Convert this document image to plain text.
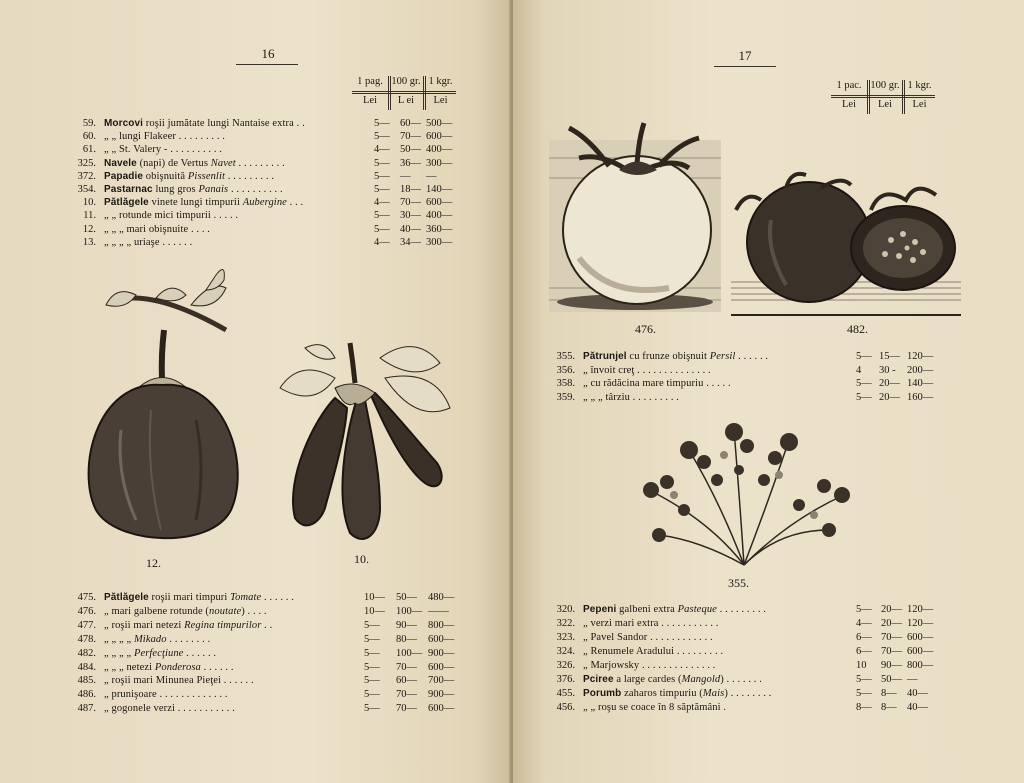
16
1 pag. 100 gr. 1 kgr.
Lei	L ei	Lei
59. Morcovi roşii jumătate lungi Nantaise extra . .	5— 60— 500—
60. „ „ lungi Flakeer . . . . . . . . .	5— 70— 600—
61. „ „ St. Valery - . . . . . . . . . .	4— 50— 400—
325. Navele (napi) de Vertus Navet . . . . . . . . .	5— 36— 300—
372. Papadie obişnuită Pissenlit . . . . . . . . .	5— — —
354. Pastarnac lung gros Panais . . . . . . . . . .	5— 18— 140—
10. Pătlăgele vinete lungi timpurii Aubergine . . .	4— 70— 600—
11. „ „ rotunde mici timpurii . . . . .	5— 30— 400—
12. „ „ „ mari obişnuite . . . .	5— 40— 360—
13. „ „ „ „ uriaşe . . . . . .	4— 34— 300—
12.	10.
475. Pătlăgele roşii mari timpuri Tomate . . . . . .	10— 50— 480—
476. „ mari galbene rotunde (noutate) . . . .	10— 100— ——
477. „ roşii mari netezi Regina timpurilor . .	5— 90— 800—
478. „ „ „ „ Mikado . . . . . . . .	5— 80— 600—
482. „ „ „ „ Perfecţiune . . . . . .	5— 100— 900—
484. „ „ „ netezi Ponderosa . . . . . .	5— 70— 600—
485. „ roşii mari Minunea Pieţei . . . . . .	5— 60— 700—
486. „ prunişoare . . . . . . . . . . . . .	5— 70— 900—
487. „ gogonele verzi . . . . . . . . . . .	5— 70— 600—
17
1 pac. 100 gr. 1 kgr.
Lei	Lei	Lei
476.	482.
355. Pătrunjel cu frunze obişnuit Persil . . . . . .	5— 15— 120—
356. „ învoit creţ . . . . . . . . . . . . . .	4 30 - 200—
358. „ cu rădăcina mare timpuriu . . . . .	5— 20— 140—
359. „ „ „ târziu . . . . . . . . .	5— 20— 160—
355.
320. Pepeni galbeni extra Pasteque . . . . . . . . .	5— 20— 120—
322. „ verzi mari extra . . . . . . . . . . .	4— 20— 120—
323. „ Pavel Sandor . . . . . . . . . . . .	6— 70— 600—
324. „ Renumele Aradului . . . . . . . . .	6— 70— 600—
326. „ Marjowsky . . . . . . . . . . . . . .	10 90— 800—
376. Pciree a large cardes (Mangold) . . . . . . .	5— 50— —
455. Porumb zaharos timpuriu (Mais) . . . . . . . .	5— 8— 40—
456. „ „ roşu se coace în 8 săptămâni .	8— 8— 40—
